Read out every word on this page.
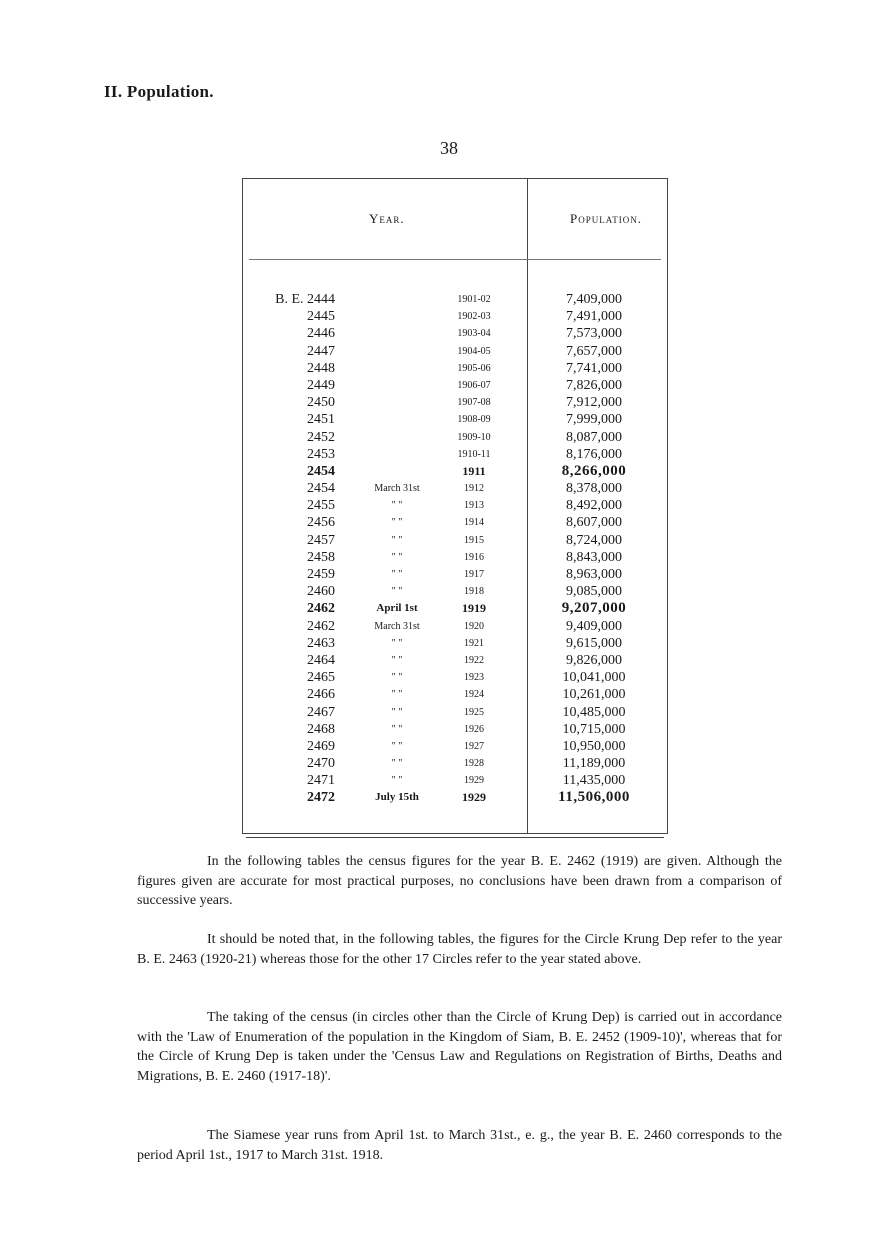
II. Population.
38
Year.	Population.
B. E. 2444	1901-02	7,409,000
2445	1902-03	7,491,000
2446	1903-04	7,573,000
2447	1904-05	7,657,000
2448	1905-06	7,741,000
2449	1906-07	7,826,000
2450	1907-08	7,912,000
2451	1908-09	7,999,000
2452	1909-10	8,087,000
2453	1910-11	8,176,000
2454	1911	8,266,000
2454	March 31st	1912	8,378,000
2455	" "	1913	8,492,000
2456	" "	1914	8,607,000
2457	" "	1915	8,724,000
2458	" "	1916	8,843,000
2459	" "	1917	8,963,000
2460	" "	1918	9,085,000
2462	April 1st	1919	9,207,000
2462	March 31st	1920	9,409,000
2463	" "	1921	9,615,000
2464	" "	1922	9,826,000
2465	" "	1923	10,041,000
2466	" "	1924	10,261,000
2467	" "	1925	10,485,000
2468	" "	1926	10,715,000
2469	" "	1927	10,950,000
2470	" "	1928	11,189,000
2471	" "	1929	11,435,000
2472	July 15th	1929	11,506,000

In the following tables the census figures for the year B. E. 2462 (1919) are given. Although the figures given are accurate for most practical purposes, no conclusions have been drawn from a comparison of successive years.

It should be noted that, in the following tables, the figures for the Circle Krung Dep refer to the year B. E. 2463 (1920-21) whereas those for the other 17 Circles refer to the year stated above.

The taking of the census (in circles other than the Circle of Krung Dep) is carried out in accordance with the 'Law of Enumeration of the population in the Kingdom of Siam, B. E. 2452 (1909-10)', whereas that for the Circle of Krung Dep is taken under the 'Census Law and Regulations on Registration of Births, Deaths and Migrations, B. E. 2460 (1917-18)'.

The Siamese year runs from April 1st. to March 31st., e. g., the year B. E. 2460 corresponds to the period April 1st., 1917 to March 31st. 1918.
